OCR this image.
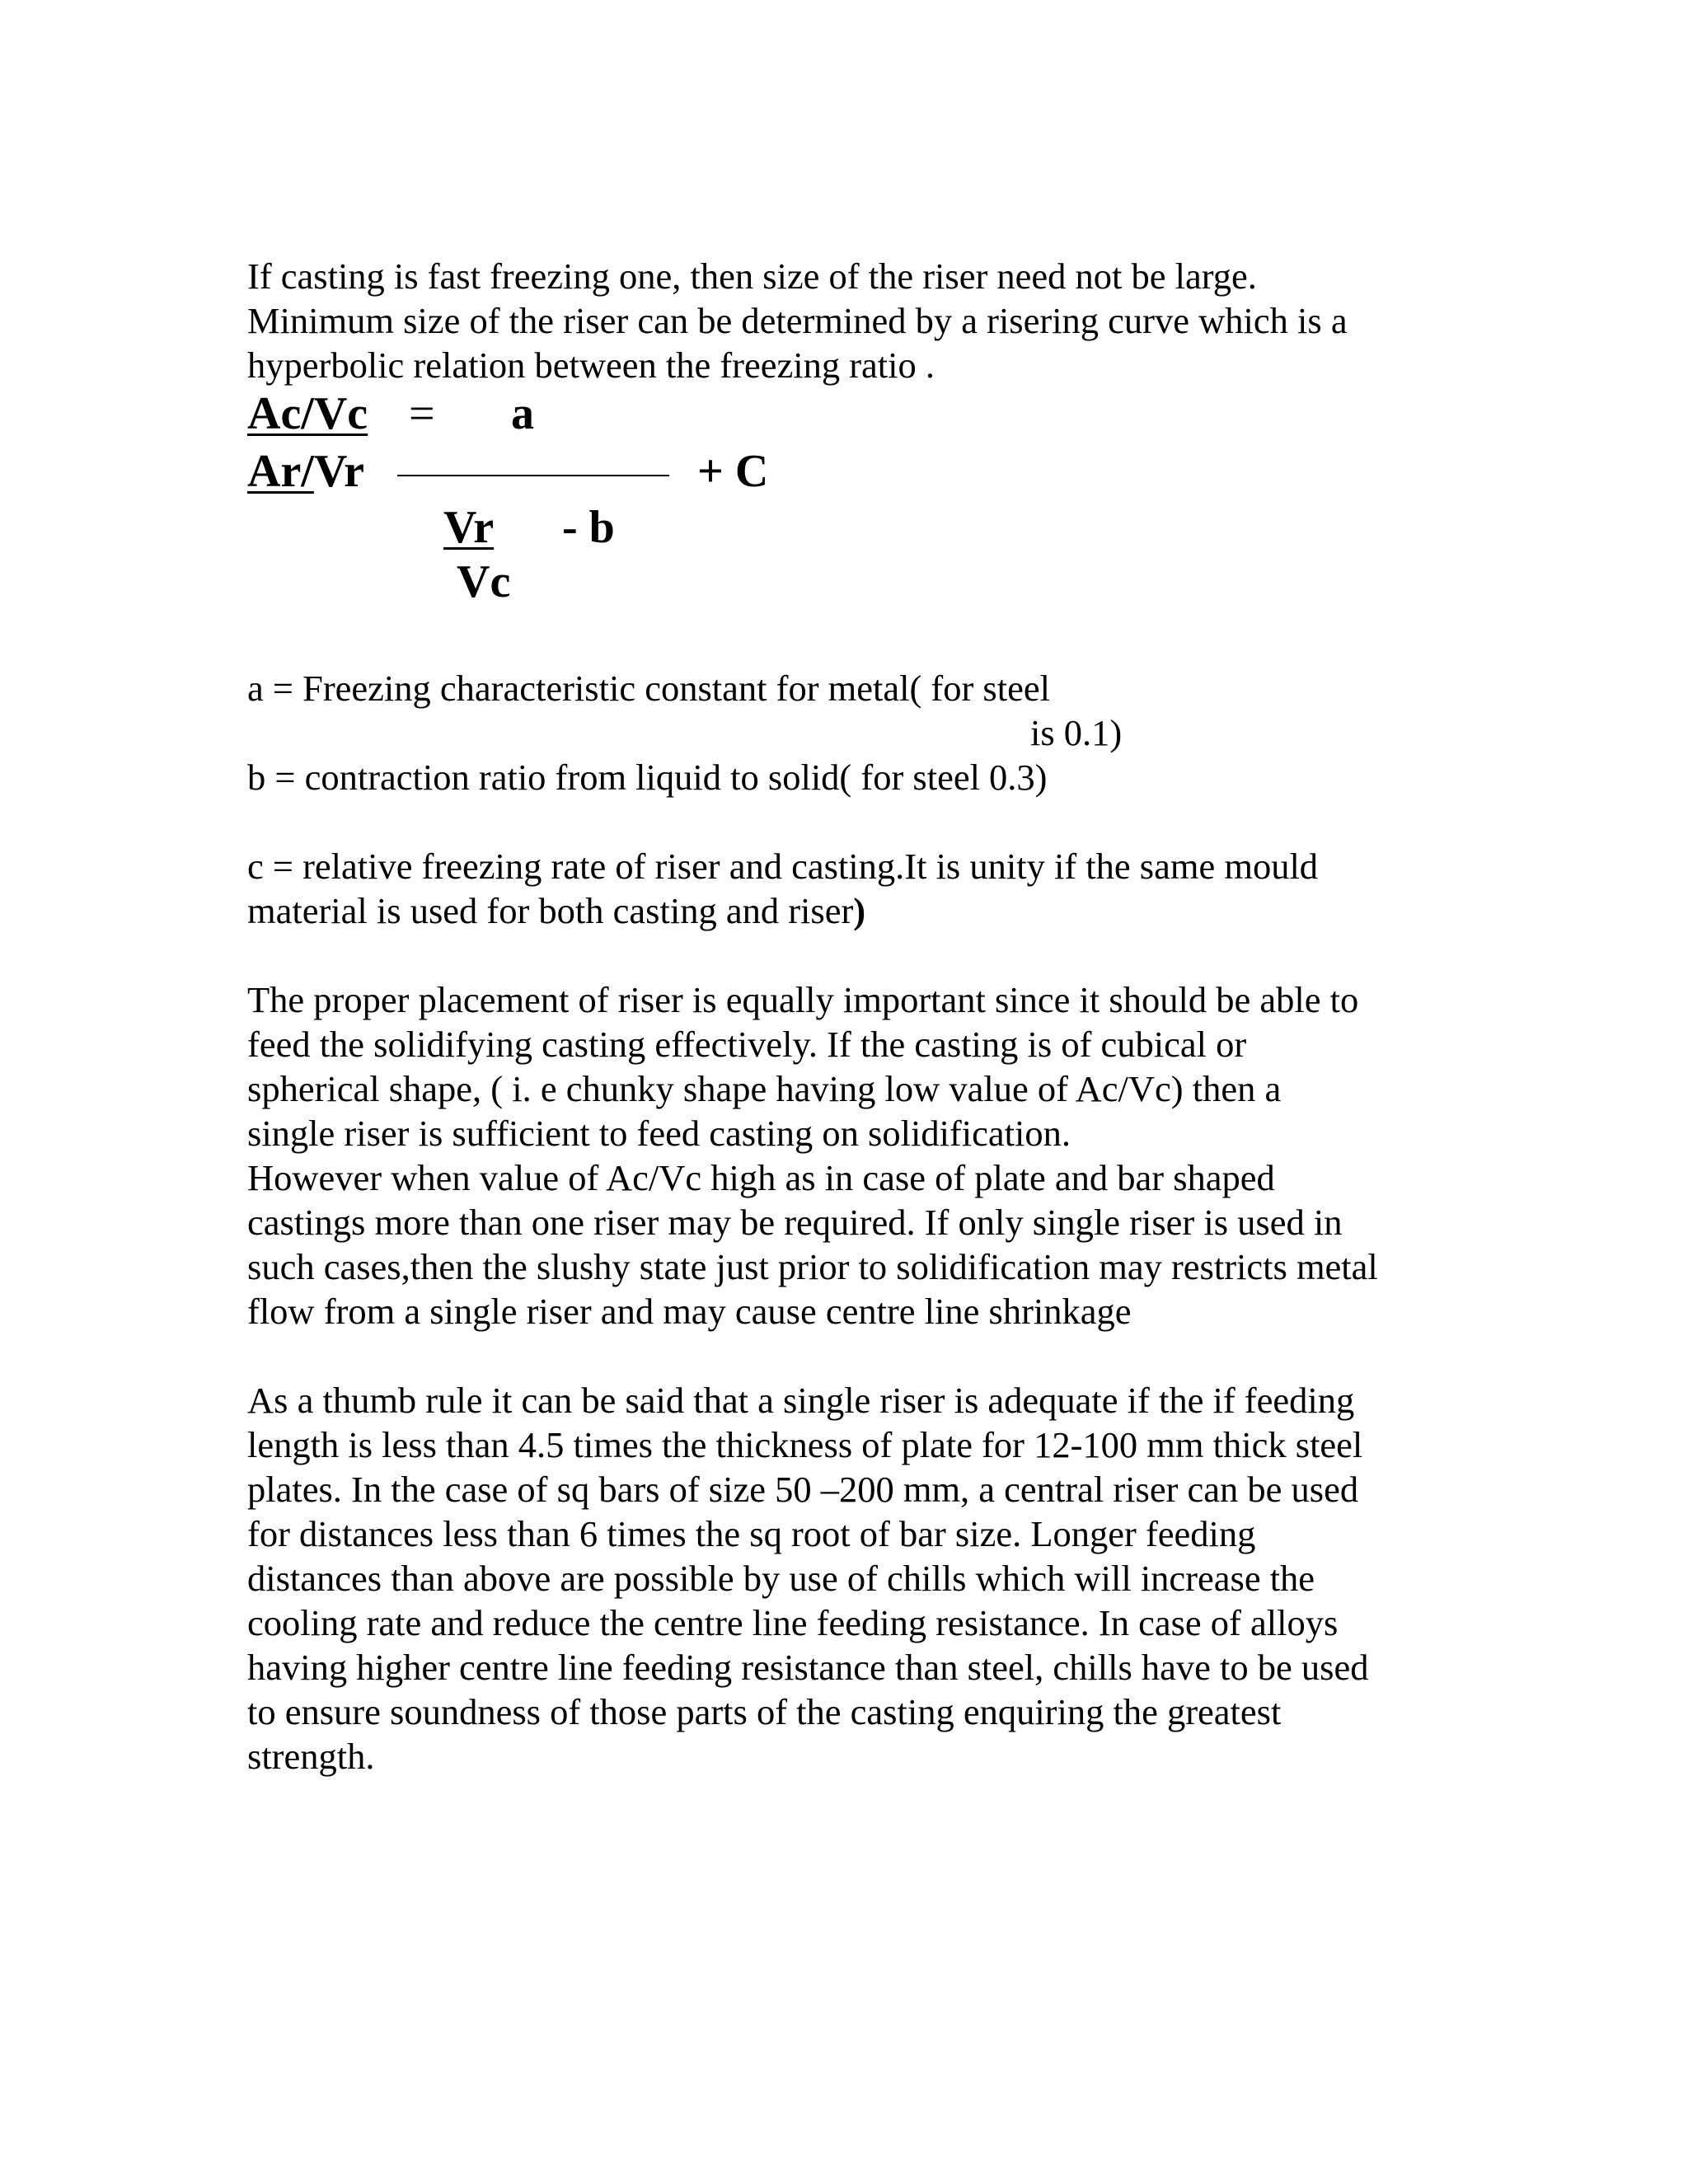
If casting is fast freezing one, then size of the riser need not be large.
Minimum size of the riser can be determined by a risering curve which is a
hyperbolic relation between the freezing ratio .
Ac/Vc = a
Ar/Vr	+ C
Vr - b
Vc
a = Freezing characteristic constant for metal( for steel
is 0.1)
b = contraction ratio from liquid to solid( for steel 0.3)
c = relative freezing rate of riser and casting.It is unity if the same mould
material is used for both casting and riser)
The proper placement of riser is equally important since it should be able to
feed the solidifying casting effectively. If the casting is of cubical or
spherical shape, ( i. e chunky shape having low value of Ac/Vc) then a
single riser is sufficient to feed casting on solidification.
However when value of Ac/Vc high as in case of plate and bar shaped
castings more than one riser may be required. If only single riser is used in
such cases,then the slushy state just prior to solidification may restricts metal
flow from a single riser and may cause centre line shrinkage
As a thumb rule it can be said that a single riser is adequate if the if feeding
length is less than 4.5 times the thickness of plate for 12-100 mm thick steel
plates. In the case of sq bars of size 50 –200 mm, a central riser can be used
for distances less than 6 times the sq root of bar size. Longer feeding
distances than above are possible by use of chills which will increase the
cooling rate and reduce the centre line feeding resistance. In case of alloys
having higher centre line feeding resistance than steel, chills have to be used
to ensure soundness of those parts of the casting enquiring the greatest
strength.
